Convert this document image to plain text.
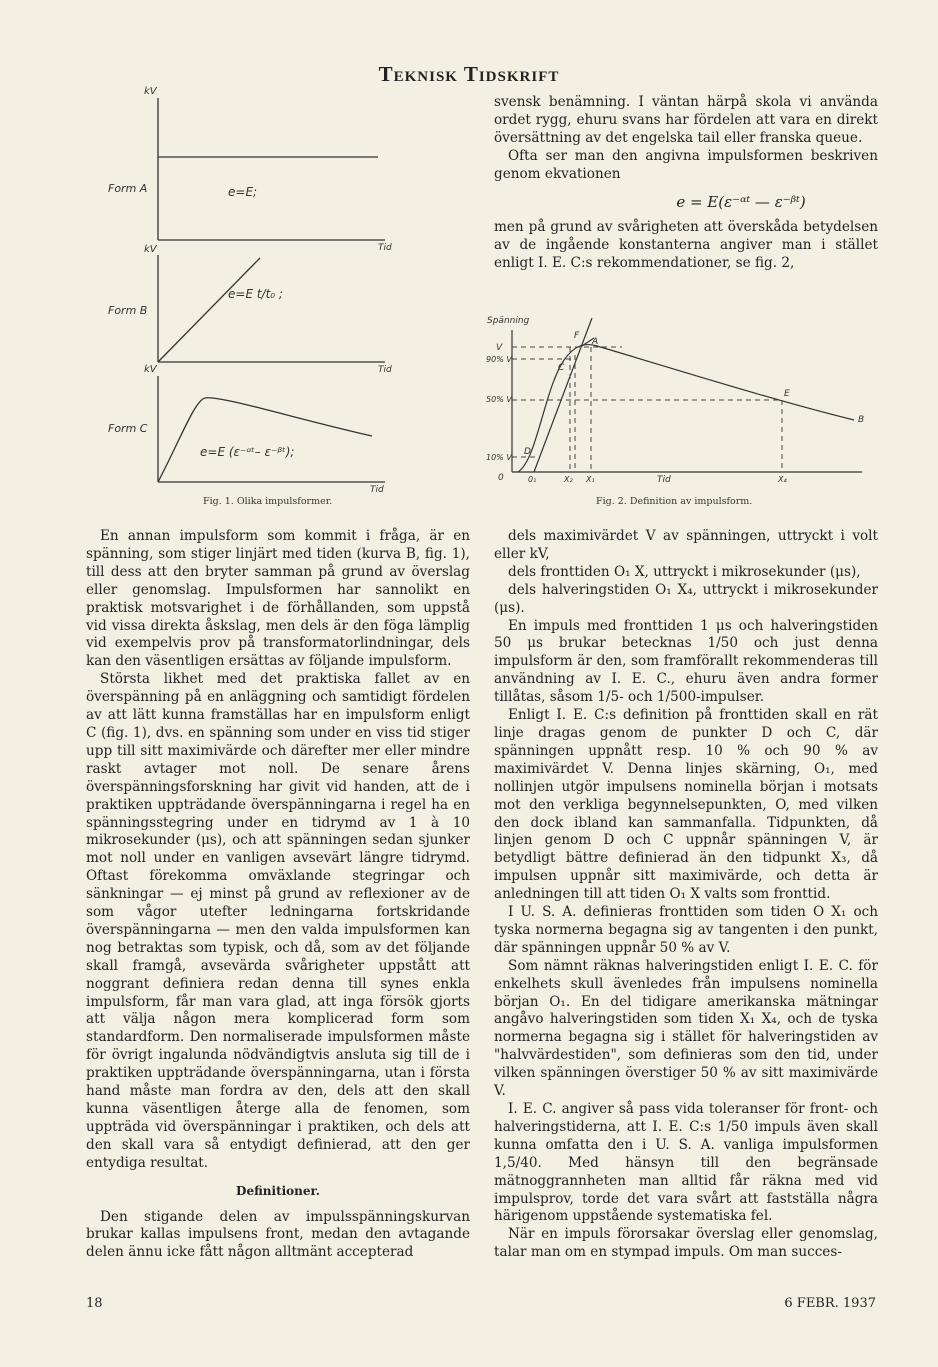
Teknisk Tidskrift
kV
Form A	e=E;
Tid
kV
Form B
e=E t/t₀ ;
Tid
kV
Form C
e=E (ε⁻ᵅᵗ– ε⁻ᵝᵗ);
Tid
Fig. 1. Olika impulsformer.

svensk benämning. I väntan härpå skola vi använda ordet rygg, ehuru svans har fördelen att vara en direkt översättning av det engelska tail eller franska queue.

Ofta ser man den angivna impulsformen beskriven genom ekvationen

e = E(ε⁻ᵅᵗ — ε⁻ᵝᵗ)

men på grund av svårigheten att överskåda betydelsen av de ingående konstanterna angiver man i stället enligt I. E. C:s rekommendationer, se fig. 2,

Spänning
V
90% V
50% V
10% V
0	0₁	X₂ X₁	X₄
F
A
C
E
B
D
Tid
Fig. 2. Definition av impulsform.

En annan impulsform som kommit i fråga, är en spänning, som stiger linjärt med tiden (kurva B, fig. 1), till dess att den bryter samman på grund av överslag eller genomslag. Impulsformen har sannolikt en praktisk motsvarighet i de förhållanden, som uppstå vid vissa direkta åskslag, men dels är den föga lämplig vid exempelvis prov på transformatorlindningar, dels kan den väsentligen ersättas av följande impulsform.

Största likhet med det praktiska fallet av en överspänning på en anläggning och samtidigt fördelen av att lätt kunna framställas har en impulsform enligt C (fig. 1), dvs. en spänning som under en viss tid stiger upp till sitt maximivärde och därefter mer eller mindre raskt avtager mot noll. De senare årens överspänningsforskning har givit vid handen, att de i praktiken uppträdande överspänningarna i regel ha en spänningsstegring under en tidrymd av 1 à 10 mikrosekunder (μs), och att spänningen sedan sjunker mot noll under en vanligen avsevärt längre tidrymd. Oftast förekomma omväxlande stegringar och sänkningar — ej minst på grund av reflexioner av de som vågor utefter ledningarna fortskridande överspänningarna — men den valda impulsformen kan nog betraktas som typisk, och då, som av det följande skall framgå, avsevärda svårigheter uppstått att noggrant definiera redan denna till synes enkla impulsform, får man vara glad, att inga försök gjorts att välja någon mera komplicerad form som standardform. Den normaliserade impulsformen måste för övrigt ingalunda nödvändigtvis ansluta sig till de i praktiken uppträdande överspänningarna, utan i första hand måste man fordra av den, dels att den skall kunna väsentligen återge alla de fenomen, som uppträda vid överspänningar i praktiken, och dels att den skall vara så entydigt definierad, att den ger entydiga resultat.

Definitioner.

Den stigande delen av impulsspänningskurvan brukar kallas impulsens front, medan den avtagande delen ännu icke fått någon alltmänt accepterad

dels maximivärdet V av spänningen, uttryckt i volt eller kV,

dels fronttiden O₁ X, uttryckt i mikrosekunder (μs),

dels halveringstiden O₁ X₄, uttryckt i mikrosekunder (μs).

En impuls med fronttiden 1 μs och halveringstiden 50 μs brukar betecknas 1/50 och just denna impulsform är den, som framförallt rekommenderas till användning av I. E. C., ehuru även andra former tillåtas, såsom 1/5- och 1/500-impulser.

Enligt I. E. C:s definition på fronttiden skall en rät linje dragas genom de punkter D och C, där spänningen uppnått resp. 10 % och 90 % av maximivärdet V. Denna linjes skärning, O₁, med nollinjen utgör impulsens nominella början i motsats mot den verkliga begynnelsepunkten, O, med vilken den dock ibland kan sammanfalla. Tidpunkten, då linjen genom D och C uppnår spänningen V, är betydligt bättre definierad än den tidpunkt X₃, då impulsen uppnår sitt maximivärde, och detta är anledningen till att tiden O₁ X valts som fronttid.

I U. S. A. definieras fronttiden som tiden O X₁ och tyska normerna begagna sig av tangenten i den punkt, där spänningen uppnår 50 % av V.

Som nämnt räknas halveringstiden enligt I. E. C. för enkelhets skull ävenledes från impulsens nominella början O₁. En del tidigare amerikanska mätningar angåvo halveringstiden som tiden X₁ X₄, och de tyska normerna begagna sig i stället för halveringstiden av "halvvärdestiden", som definieras som den tid, under vilken spänningen överstiger 50 % av sitt maximivärde V.

I. E. C. angiver så pass vida toleranser för front- och halveringstiderna, att I. E. C:s 1/50 impuls även skall kunna omfatta den i U. S. A. vanliga impulsformen 1,5/40. Med hänsyn till den begränsade mätnoggrannheten man alltid får räkna med vid impulsprov, torde det vara svårt att fastställa några härigenom uppstående systematiska fel.

När en impuls förorsakar överslag eller genomslag, talar man om en stympad impuls. Om man succes-

18	6 FEBR. 1937
